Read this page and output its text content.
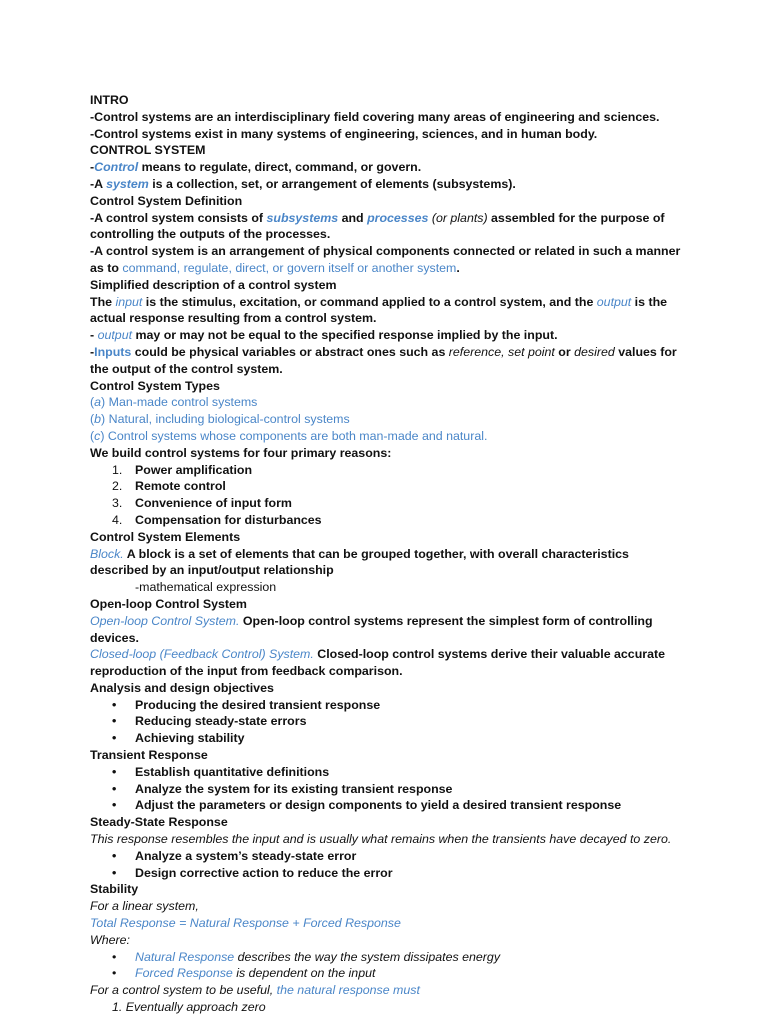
INTRO
-Control systems are an interdisciplinary field covering many areas of engineering and sciences.
-Control systems exist in many systems of engineering, sciences, and in human body.
CONTROL SYSTEM
-Control means to regulate, direct, command, or govern.
-A system is a collection, set, or arrangement of elements (subsystems).
Control System Definition
-A control system consists of subsystems and processes (or plants) assembled for the purpose of controlling the outputs of the processes.
-A control system is an arrangement of physical components connected or related in such a manner as to command, regulate, direct, or govern itself or another system.
Simplified description of a control system
The input is the stimulus, excitation, or command applied to a control system, and the output is the actual response resulting from a control system.
- output may or may not be equal to the specified response implied by the input.
-Inputs could be physical variables or abstract ones such as reference, set point or desired values for the output of the control system.
Control System Types
(a) Man-made control systems
(b) Natural, including biological-control systems
(c) Control systems whose components are both man-made and natural.
We build control systems for four primary reasons:
1. Power amplification
2. Remote control
3. Convenience of input form
4. Compensation for disturbances
Control System Elements
Block. A block is a set of elements that can be grouped together, with overall characteristics described by an input/output relationship
-mathematical expression
Open-loop Control System
Open-loop Control System. Open-loop control systems represent the simplest form of controlling devices.
Closed-loop (Feedback Control) System. Closed-loop control systems derive their valuable accurate reproduction of the input from feedback comparison.
Analysis and design objectives
• Producing the desired transient response
• Reducing steady-state errors
• Achieving stability
Transient Response
• Establish quantitative definitions
• Analyze the system for its existing transient response
• Adjust the parameters or design components to yield a desired transient response
Steady-State Response
This response resembles the input and is usually what remains when the transients have decayed to zero.
• Analyze a system’s steady-state error
• Design corrective action to reduce the error
Stability
For a linear system,
Total Response = Natural Response + Forced Response
Where:
• Natural Response describes the way the system dissipates energy
• Forced Response is dependent on the input
For a control system to be useful, the natural response must
1. Eventually approach zero
